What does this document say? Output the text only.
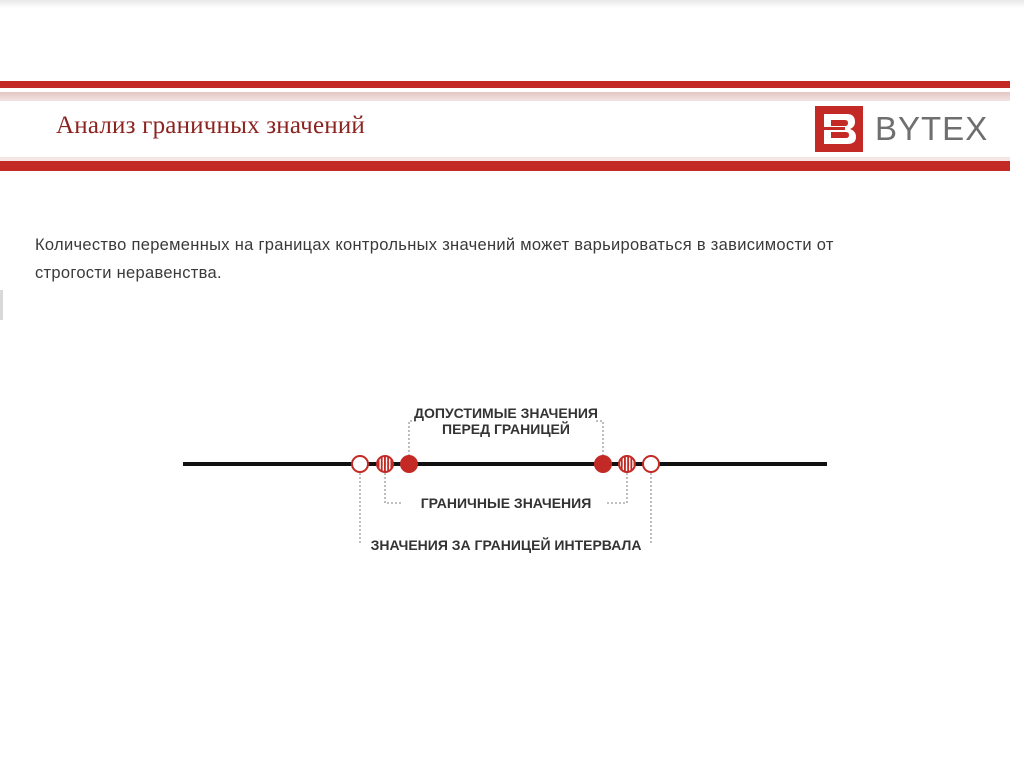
Анализ граничных значений	BYTEX
Количество переменных на границах контрольных значений может варьироваться в зависимости от строгости неравенства.
ДОПУСТИМЫЕ ЗНАЧЕНИЯ
ПЕРЕД ГРАНИЦЕЙ
ГРАНИЧНЫЕ ЗНАЧЕНИЯ
ЗНАЧЕНИЯ ЗА ГРАНИЦЕЙ ИНТЕРВАЛА
